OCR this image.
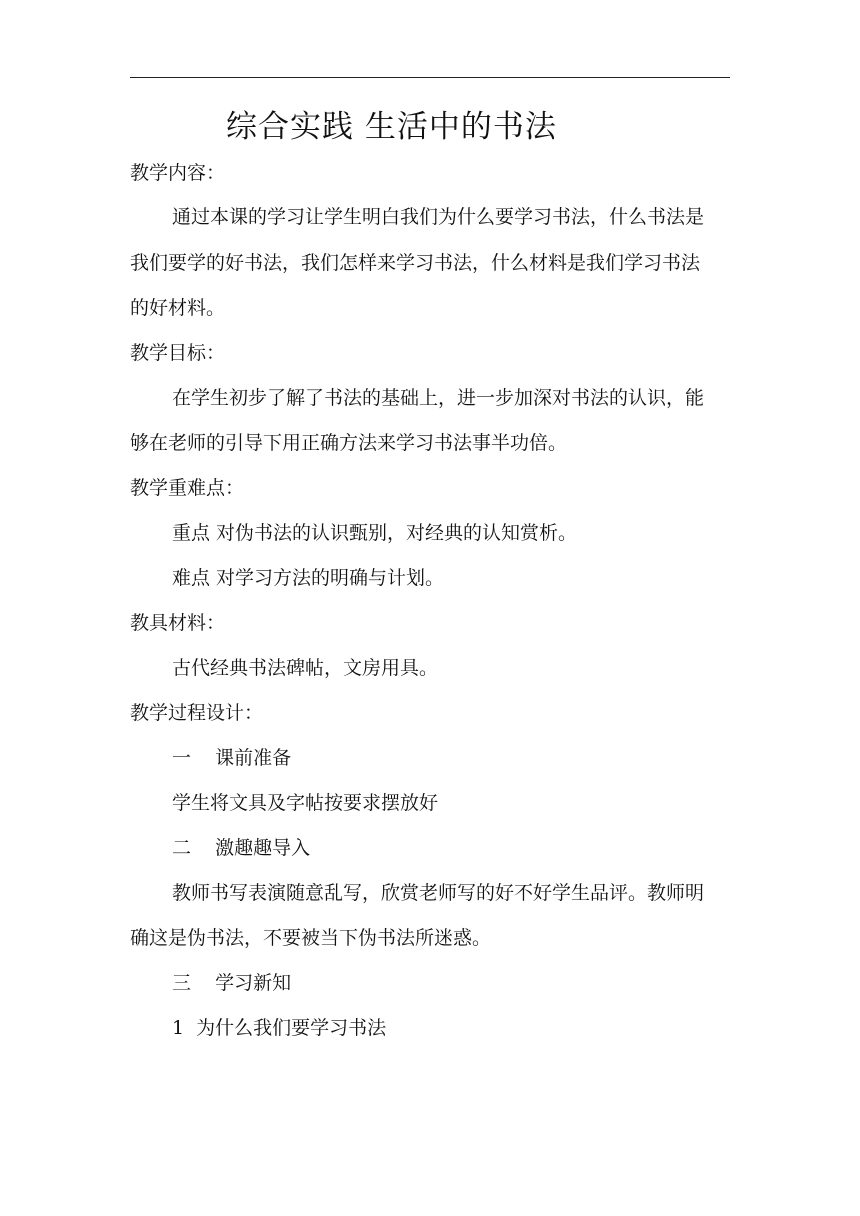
综合实践 生活中的书法
教学内容：
通过本课的学习让学生明白我们为什么要学习书法，什么书法是
我们要学的好书法，我们怎样来学习书法，什么材料是我们学习书法
的好材料。
教学目标：
在学生初步了解了书法的基础上，进一步加深对书法的认识，能
够在老师的引导下用正确方法来学习书法事半功倍。
教学重难点：
重点 对伪书法的认识甄别，对经典的认知赏析。
难点 对学习方法的明确与计划。
教具材料：
古代经典书法碑帖，文房用具。
教学过程设计：
一    课前准备
学生将文具及字帖按要求摆放好
二    激趣趣导入
教师书写表演随意乱写，欣赏老师写的好不好学生品评。教师明
确这是伪书法，不要被当下伪书法所迷惑。
三    学习新知
1  为什么我们要学习书法
